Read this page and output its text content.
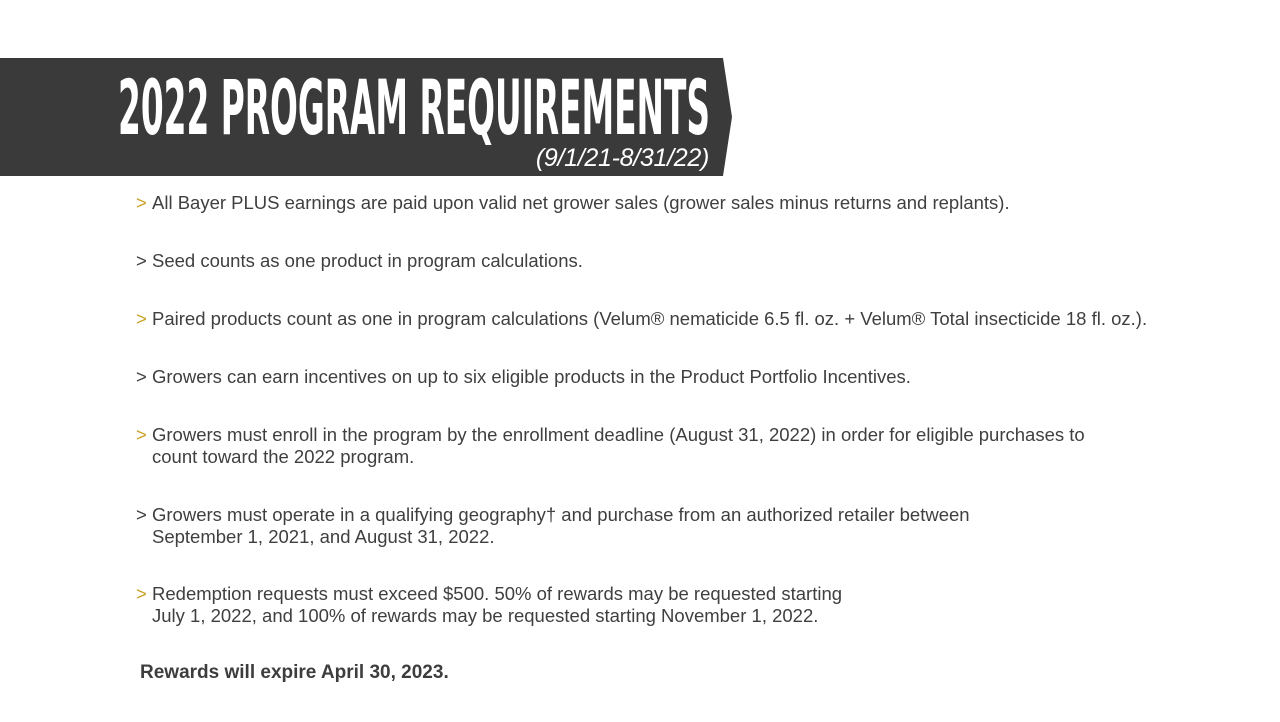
2022 PROGRAM REQUIREMENTS
(9/1/21-8/31/22)
> All Bayer PLUS earnings are paid upon valid net grower sales (grower sales minus returns and replants).
> Seed counts as one product in program calculations.
> Paired products count as one in program calculations (Velum® nematicide 6.5 fl. oz. + Velum® Total insecticide 18 fl. oz.).
> Growers can earn incentives on up to six eligible products in the Product Portfolio Incentives.
> Growers must enroll in the program by the enrollment deadline (August 31, 2022) in order for eligible purchases to
count toward the 2022 program.
> Growers must operate in a qualifying geography† and purchase from an authorized retailer between
September 1, 2021, and August 31, 2022.
> Redemption requests must exceed $500. 50% of rewards may be requested starting
July 1, 2022, and 100% of rewards may be requested starting November 1, 2022.
Rewards will expire April 30, 2023.
